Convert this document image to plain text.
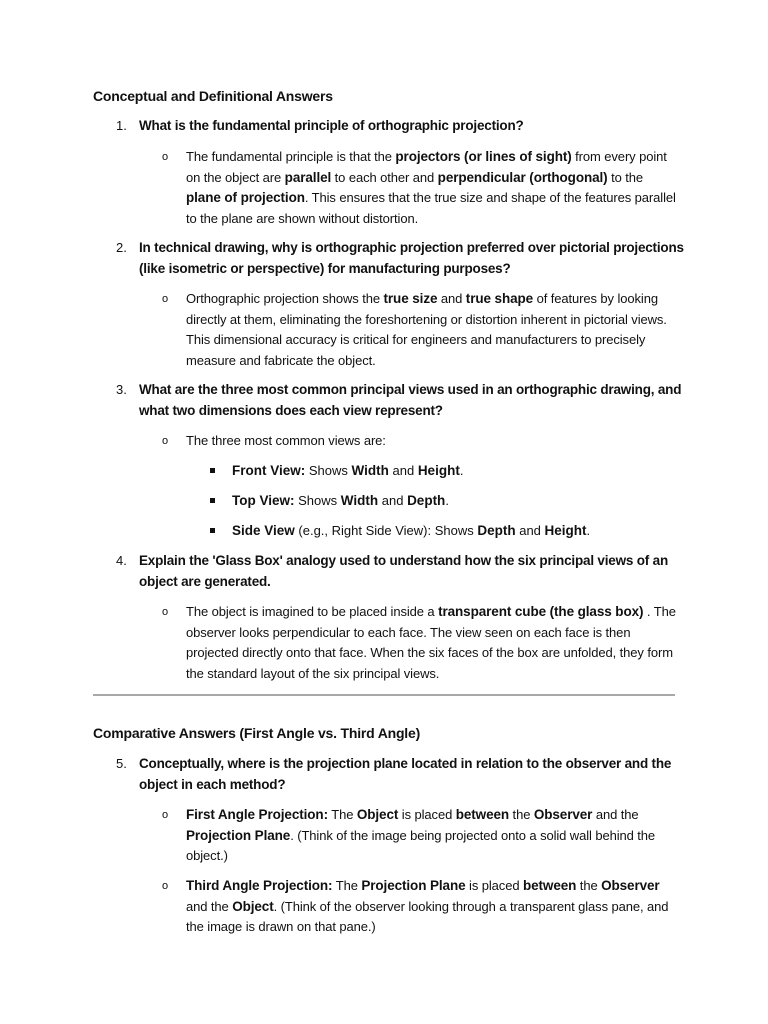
Conceptual and Definitional Answers
1. What is the fundamental principle of orthographic projection?
o The fundamental principle is that the projectors (or lines of sight) from every point on the object are parallel to each other and perpendicular (orthogonal) to the plane of projection. This ensures that the true size and shape of the features parallel to the plane are shown without distortion.
2. In technical drawing, why is orthographic projection preferred over pictorial projections (like isometric or perspective) for manufacturing purposes?
o Orthographic projection shows the true size and true shape of features by looking directly at them, eliminating the foreshortening or distortion inherent in pictorial views. This dimensional accuracy is critical for engineers and manufacturers to precisely measure and fabricate the object.
3. What are the three most common principal views used in an orthographic drawing, and what two dimensions does each view represent?
o The three most common views are:
Front View: Shows Width and Height.
Top View: Shows Width and Depth.
Side View (e.g., Right Side View): Shows Depth and Height.
4. Explain the 'Glass Box' analogy used to understand how the six principal views of an object are generated.
o The object is imagined to be placed inside a transparent cube (the glass box) . The observer looks perpendicular to each face. The view seen on each face is then projected directly onto that face. When the six faces of the box are unfolded, they form the standard layout of the six principal views.
Comparative Answers (First Angle vs. Third Angle)
5. Conceptually, where is the projection plane located in relation to the observer and the object in each method?
o First Angle Projection: The Object is placed between the Observer and the Projection Plane. (Think of the image being projected onto a solid wall behind the object.)
o Third Angle Projection: The Projection Plane is placed between the Observer and the Object. (Think of the observer looking through a transparent glass pane, and the image is drawn on that pane.)
